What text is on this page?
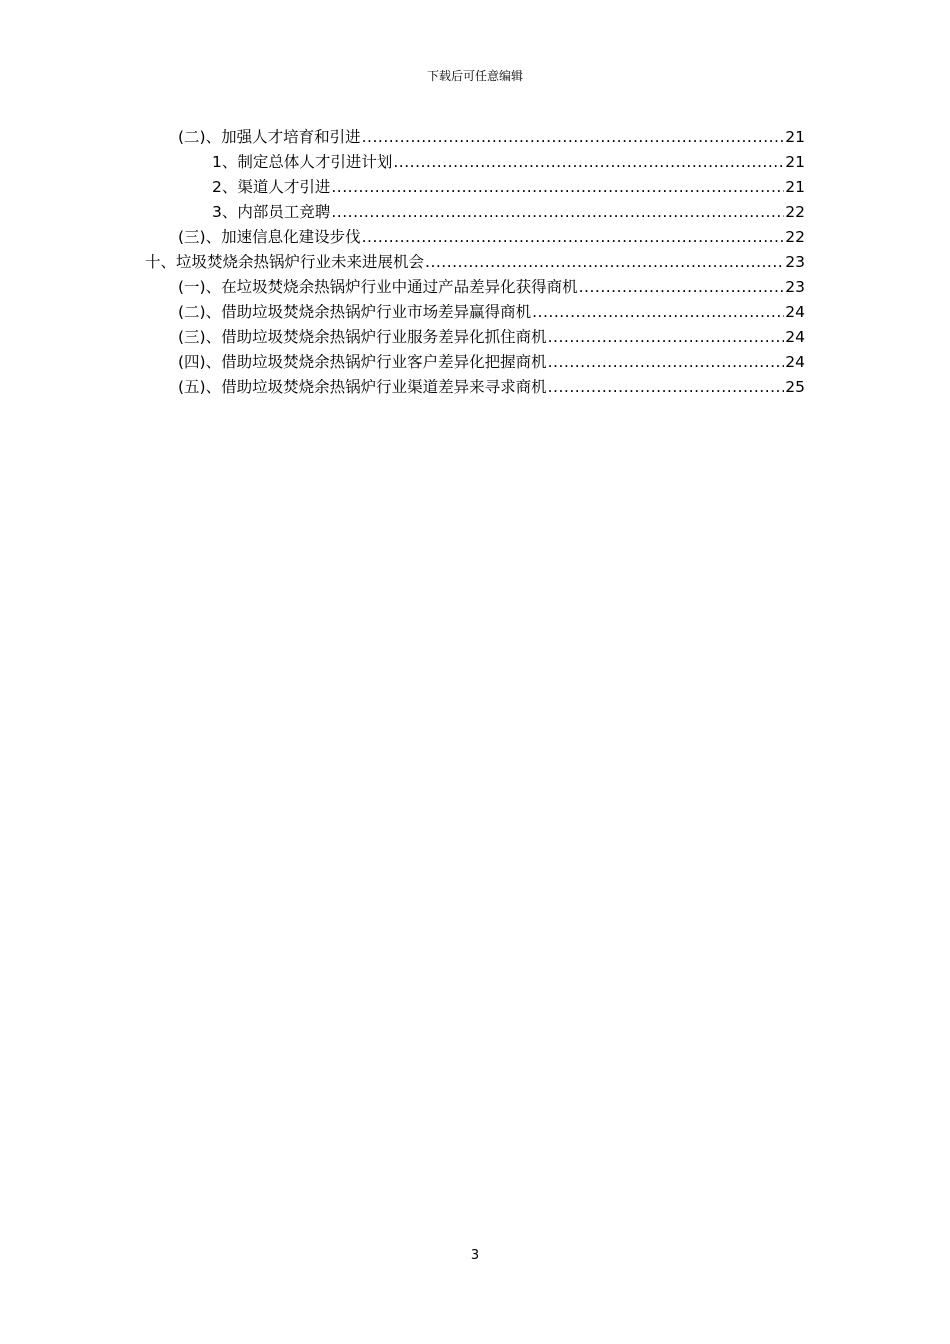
下载后可任意编辑
(二)、加强人才培育和引进 .....	21
1、制定总体人才引进计划 .....	21
2、渠道人才引进 .....	21
3、内部员工竞聘 .....	22
(三)、加速信息化建设步伐 .....	22
十、垃圾焚烧余热锅炉行业未来进展机会 .....	23
(一)、在垃圾焚烧余热锅炉行业中通过产品差异化获得商机 .....	23
(二)、借助垃圾焚烧余热锅炉行业市场差异赢得商机 .....	24
(三)、借助垃圾焚烧余热锅炉行业服务差异化抓住商机 .....	24
(四)、借助垃圾焚烧余热锅炉行业客户差异化把握商机 .....	24
(五)、借助垃圾焚烧余热锅炉行业渠道差异来寻求商机 .....	25
3
